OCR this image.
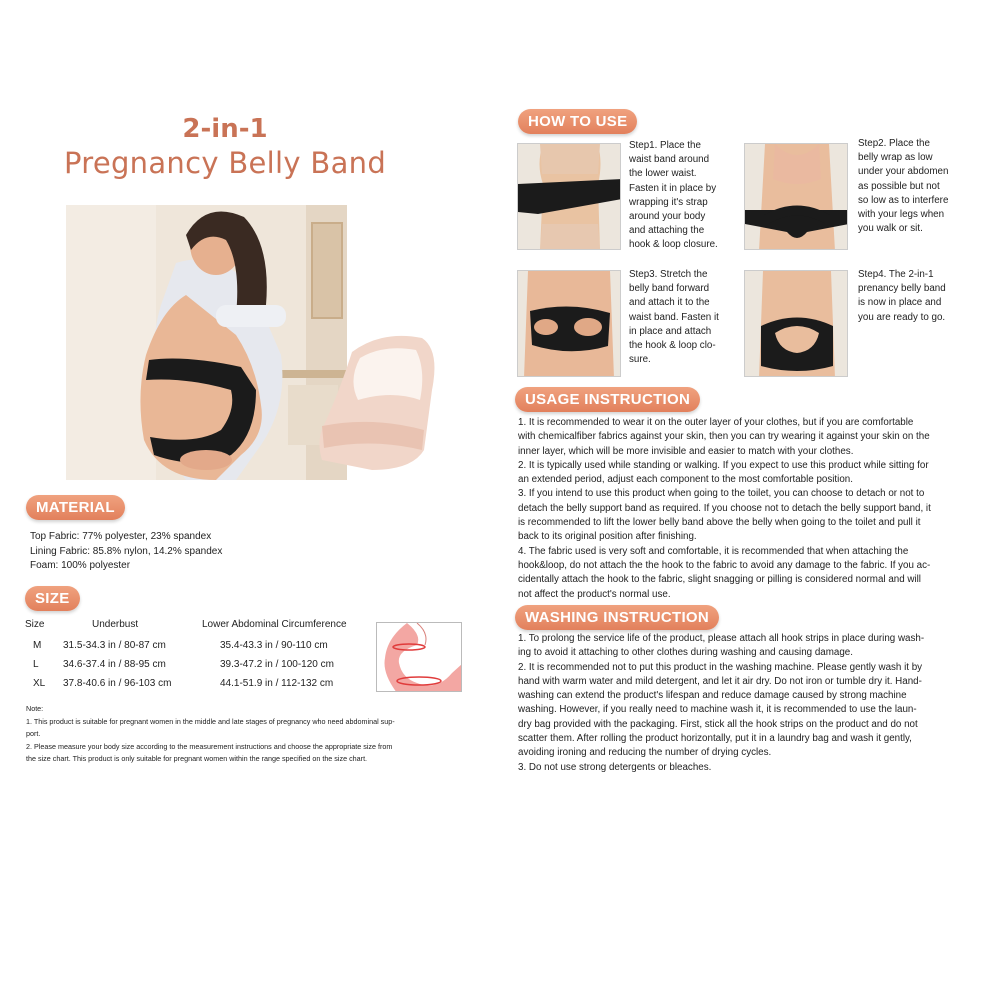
2-in-1
Pregnancy Belly Band
MATERIAL
Top Fabric: 77% polyester, 23% spandex
Lining Fabric: 85.8% nylon, 14.2% spandex
Foam: 100% polyester
SIZE
Size	Underbust	Lower Abdominal Circumference
M 31.5-34.3 in / 80-87 cm	35.4-43.3 in / 90-110 cm
L 34.6-37.4 in / 88-95 cm	39.3-47.2 in / 100-120 cm
XL 37.8-40.6 in / 96-103 cm	44.1-51.9 in / 112-132 cm
Note:
1. This product is suitable for pregnant women in the middle and late stages of pregnancy who need abdominal sup-
port.
2. Please measure your body size according to the measurement instructions and choose the appropriate size from
the size chart. This product is only suitable for pregnant women within the range specified on the size chart.
HOW TO USE
Step1. Place the
waist band around
the lower waist.
Fasten it in place by
wrapping it's strap
around your body
and attaching the
hook & loop closure.
Step2. Place the
belly wrap as low
under your abdomen
as possible but not
so low as to interfere
with your legs when
you walk or sit.
Step3. Stretch the
belly band forward
and attach it to the
waist band. Fasten it
in place and attach
the hook & loop clo-
sure.
Step4. The 2-in-1
prenancy belly band
is now in place and
you are ready to go.
USAGE INSTRUCTION

1. It is recommended to wear it on the outer layer of your clothes, but if you are comfortable

with chemicalfiber fabrics against your skin, then you can try wearing it against your skin on the

inner layer, which will be more invisible and easier to match with your clothes.

2. It is typically used while standing or walking. If you expect to use this product while sitting for

an extended period, adjust each component to the most comfortable position.

3. If you intend to use this product when going to the toilet, you can choose to detach or not to

detach the belly support band as required. If you choose not to detach the belly support band, it

is recommended to lift the lower belly band above the belly when going to the toilet and pull it

back to its original position after finishing.

4. The fabric used is very soft and comfortable, it is recommended that when attaching the

hook&loop, do not attach the the hook to the fabric to avoid any damage to the fabric. If you ac-

cidentally attach the hook to the fabric, slight snagging or pilling is considered normal and will

not affect the product's normal use.

WASHING INSTRUCTION

1. To prolong the service life of the product, please attach all hook strips in place during wash-

ing to avoid it attaching to other clothes during washing and causing damage.

2. It is recommended not to put this product in the washing machine. Please gently wash it by

hand with warm water and mild detergent, and let it air dry. Do not iron or tumble dry it. Hand-

washing can extend the product's lifespan and reduce damage caused by strong machine

washing. However, if you really need to machine wash it, it is recommended to use the laun-

dry bag provided with the packaging. First, stick all the hook strips on the product and do not

scatter them. After rolling the product horizontally, put it in a laundry bag and wash it gently,

avoiding ironing and reducing the number of drying cycles.

3. Do not use strong detergents or bleaches.
